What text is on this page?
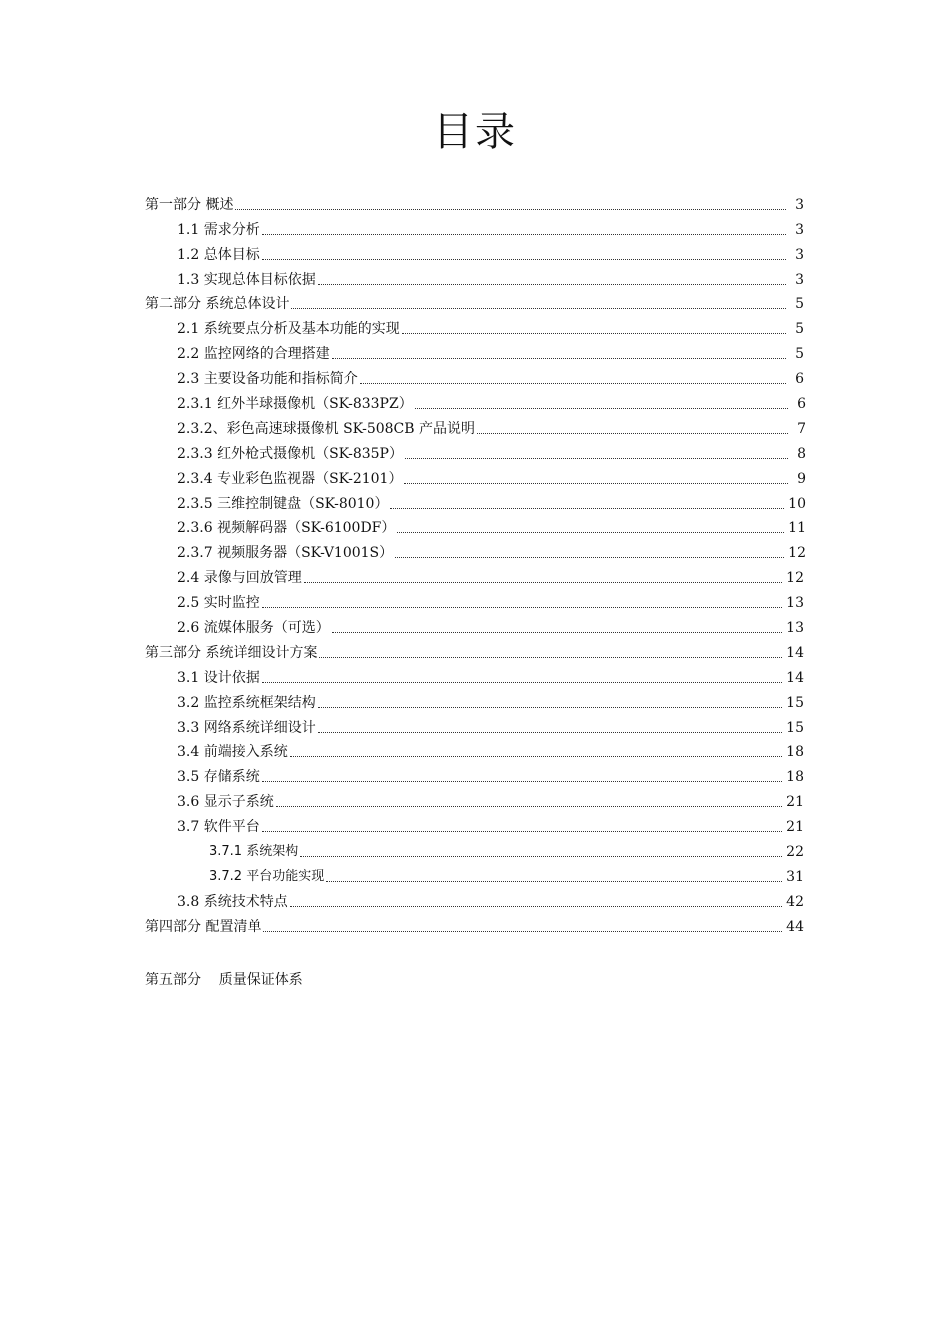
目录
第一部分 概述	3
1.1 需求分析	3
1.2 总体目标	3
1.3 实现总体目标依据	3
第二部分 系统总体设计	5
2.1 系统要点分析及基本功能的实现	5
2.2 监控网络的合理搭建	5
2.3 主要设备功能和指标简介	6
2.3.1 红外半球摄像机（SK-833PZ）	6
2.3.2、彩色高速球摄像机 SK-508CB 产品说明	7
2.3.3 红外枪式摄像机（SK-835P）	8
2.3.4 专业彩色监视器（SK-2101）	9
2.3.5 三维控制键盘（SK-8010）	10
2.3.6 视频解码器（SK-6100DF）	11
2.3.7 视频服务器（SK-V1001S）	12
2.4 录像与回放管理	12
2.5 实时监控	13
2.6 流媒体服务（可选）	13
第三部分 系统详细设计方案	14
3.1 设计依据	14
3.2 监控系统框架结构	15
3.3 网络系统详细设计	15
3.4 前端接入系统	18
3.5 存储系统	18
3.6 显示子系统	21
3.7 软件平台	21
3.7.1 系统架构	22
3.7.2 平台功能实现	31
3.8 系统技术特点	42
第四部分 配置清单	44
第五部分    质量保证体系
